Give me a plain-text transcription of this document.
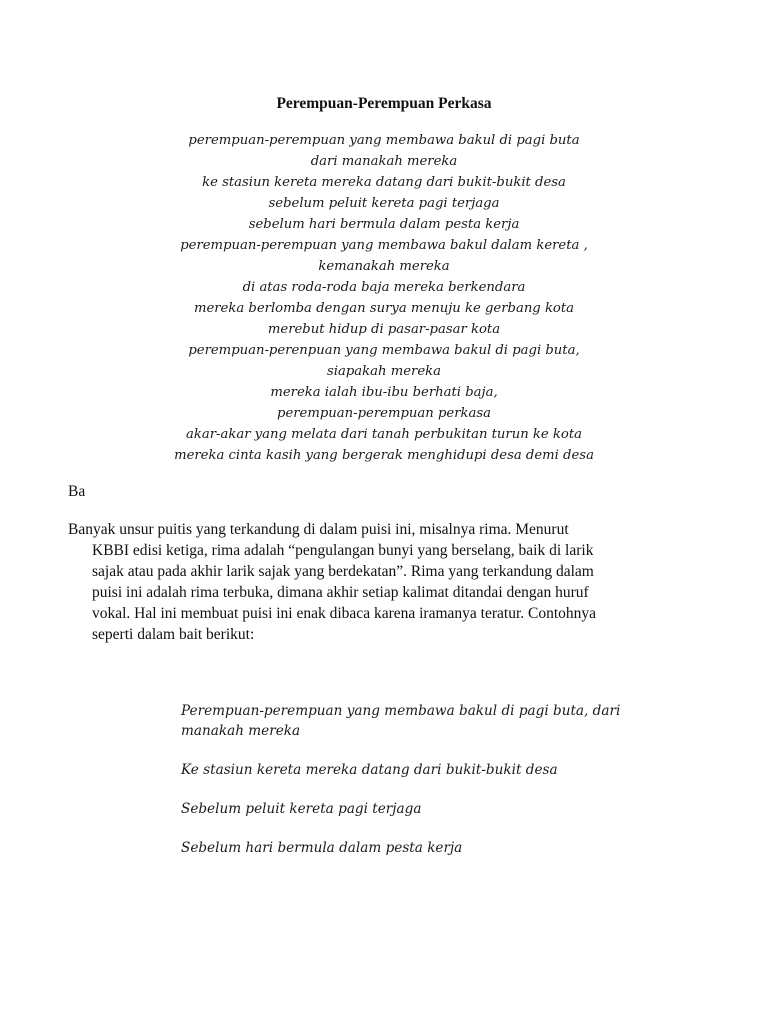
Perempuan-Perempuan Perkasa
perempuan-perempuan yang membawa bakul di pagi buta
dari manakah mereka
ke stasiun kereta mereka datang dari bukit-bukit desa
sebelum peluit kereta pagi terjaga
sebelum hari bermula dalam pesta kerja
perempuan-perempuan yang membawa bakul dalam kereta ,
kemanakah mereka
di atas roda-roda baja mereka berkendara
mereka berlomba dengan surya menuju ke gerbang kota
merebut hidup di pasar-pasar kota
perempuan-perenpuan yang membawa bakul di pagi buta,
siapakah mereka
mereka ialah ibu-ibu berhati baja,
perempuan-perempuan perkasa
akar-akar yang melata dari tanah perbukitan turun ke kota
mereka cinta kasih yang bergerak menghidupi desa demi desa

Ba

Banyak unsur puitis yang terkandung di dalam puisi ini, misalnya rima. Menurut
KBBI edisi ketiga, rima adalah “pengulangan bunyi yang berselang, baik di larik
sajak atau pada akhir larik sajak yang berdekatan”. Rima yang terkandung dalam
puisi ini adalah rima terbuka, dimana akhir setiap kalimat ditandai dengan huruf
vokal. Hal ini membuat puisi ini enak dibaca karena iramanya teratur. Contohnya
seperti dalam bait berikut:

Perempuan-perempuan yang membawa bakul di pagi buta, dari manakah mereka
Ke stasiun kereta mereka datang dari bukit-bukit desa
Sebelum peluit kereta pagi terjaga
Sebelum hari bermula dalam pesta kerja
